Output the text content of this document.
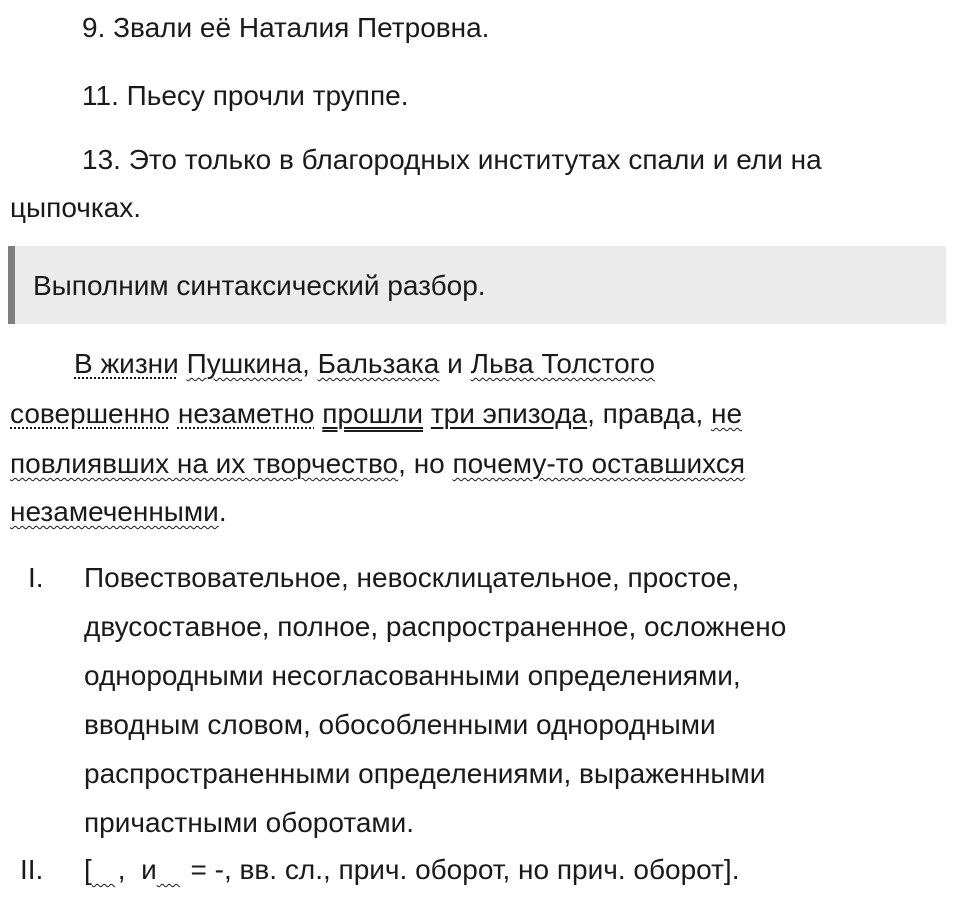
9. Звали её Наталия Петровна.
11. Пьесу прочли труппе.
13. Это только в благородных институтах спали и ели на
цыпочках.
Выполним синтаксический разбор.
В жизни Пушкина, Бальзака и Льва Толстого
совершенно незаметно прошли три эпизода, правда, не
повлиявших на их творчество, но почему-то оставшихся
незамеченными.
I. Повествовательное, невосклицательное, простое,
двусоставное, полное, распространенное, осложнено
однородными несогласованными определениями,
вводным словом, обособленными однородными
распространенными определениями, выраженными
причастными оборотами.
II. [ , и    = -, вв. сл., прич. оборот, но прич. оборот].
